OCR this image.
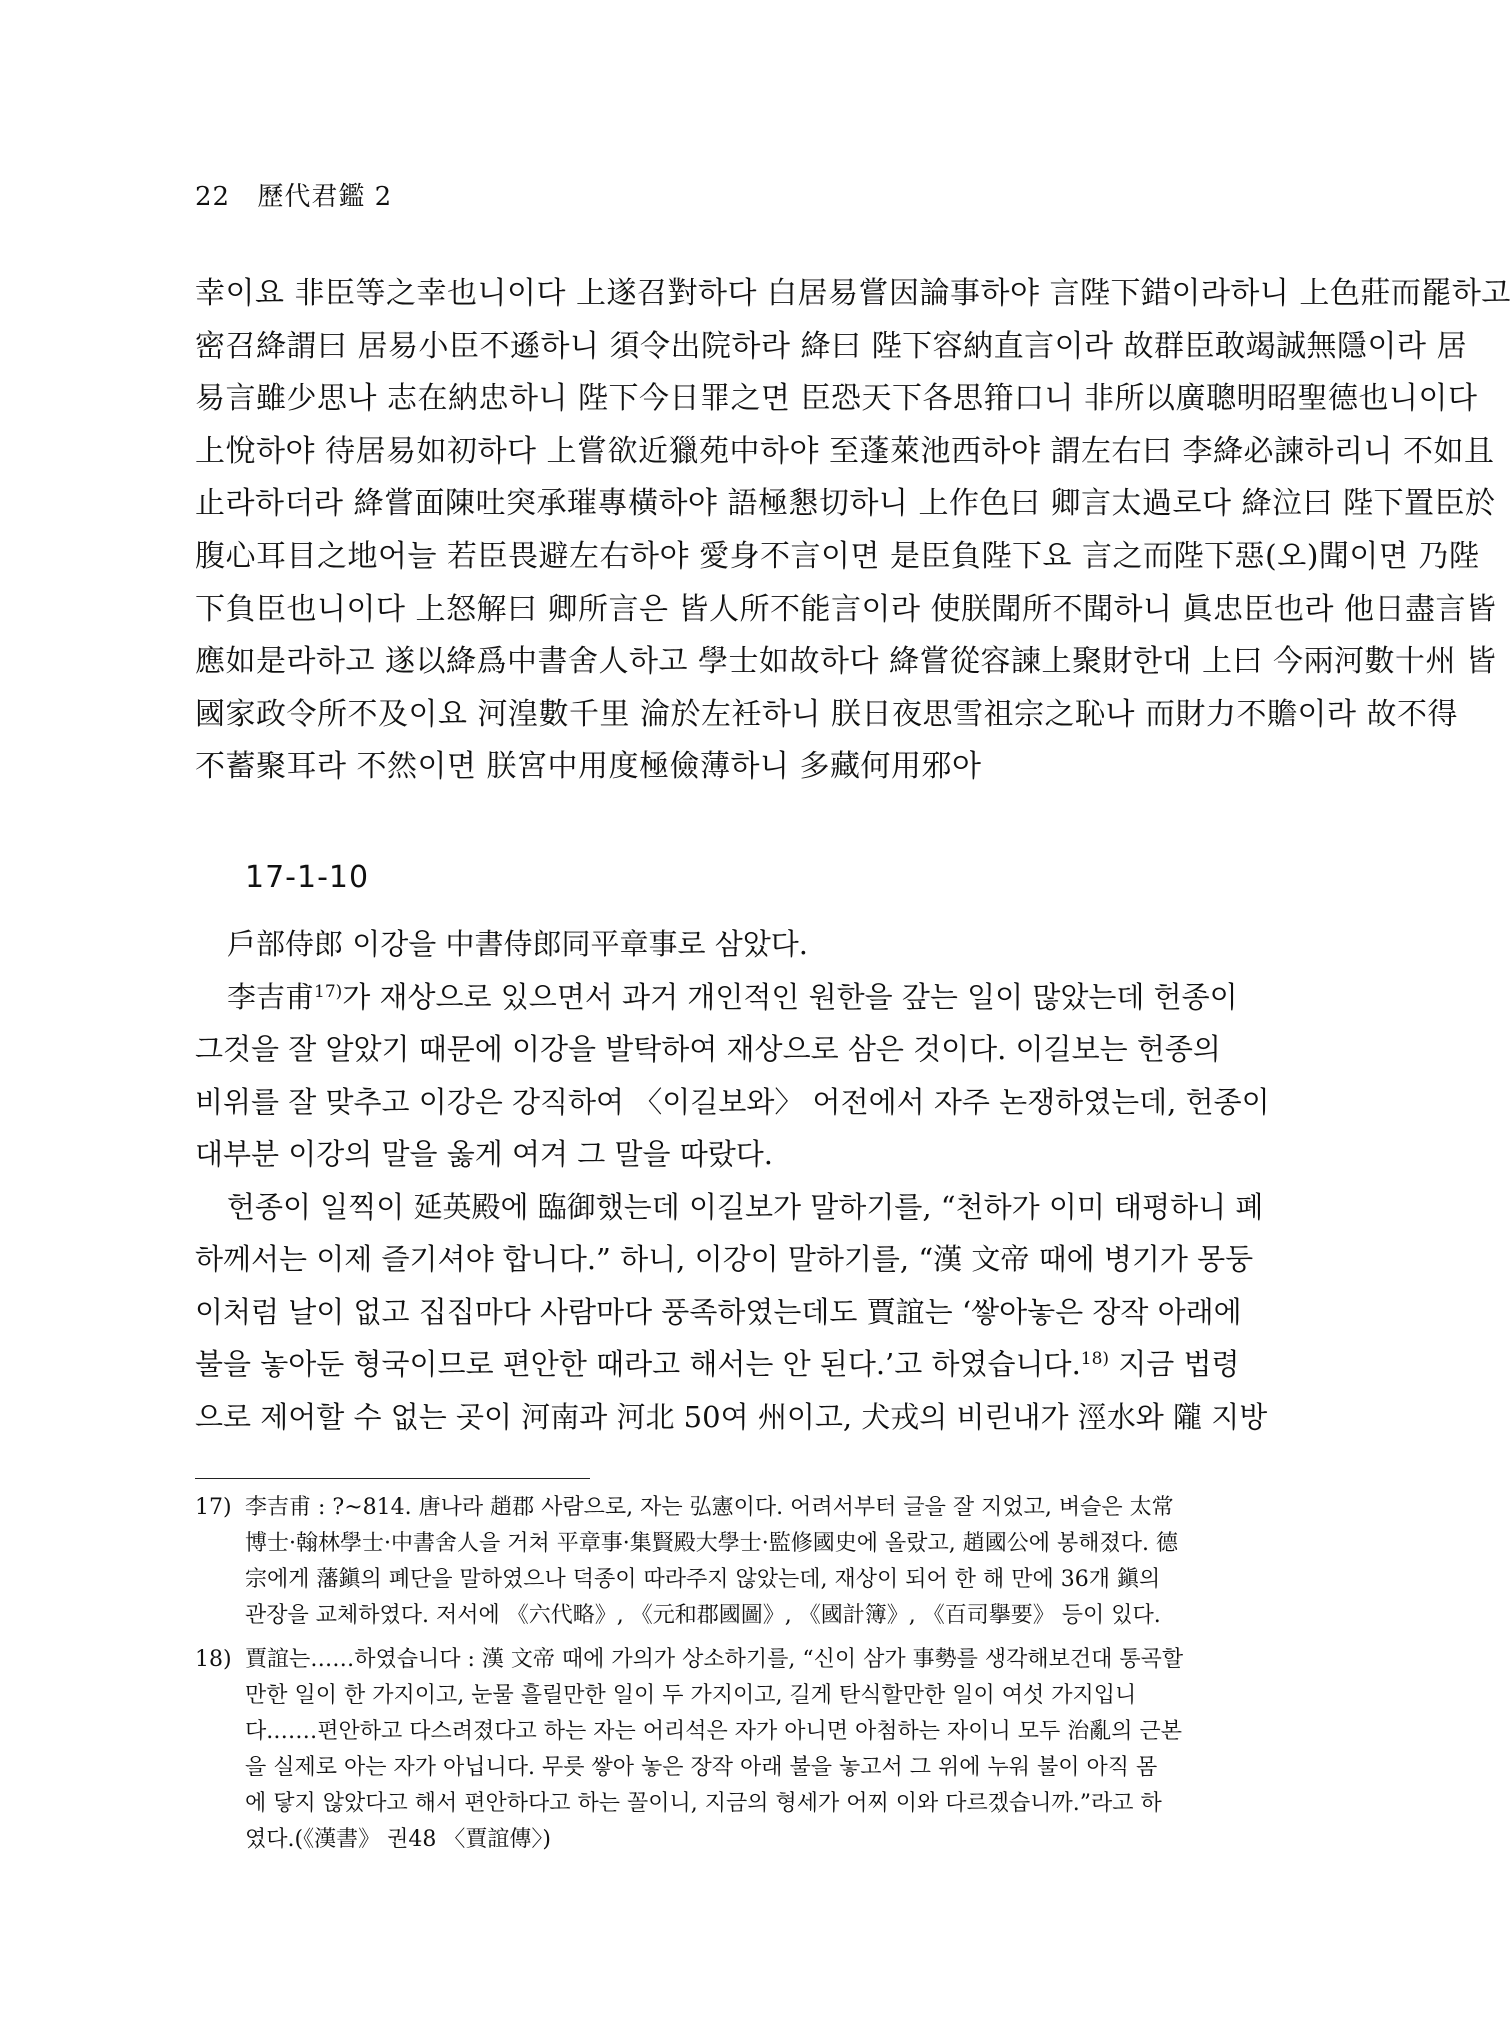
22 歷代君鑑 2

幸이요 非臣等之幸也니이다 上遂召對하다 白居易嘗因論事하야 言陛下錯이라하니 上色莊而罷하고

密召絳謂曰 居易小臣不遜하니 須令出院하라 絳曰 陛下容納直言이라 故群臣敢竭誠無隱이라 居

易言雖少思나 志在納忠하니 陛下今日罪之면 臣恐天下各思箝口니 非所以廣聰明昭聖德也니이다

上悅하야 待居易如初하다 上嘗欲近獵苑中하야 至蓬萊池西하야 謂左右曰 李絳必諫하리니 不如且

止라하더라 絳嘗面陳吐突承璀專橫하야 語極懇切하니 上作色曰 卿言太過로다 絳泣曰 陛下置臣於

腹心耳目之地어늘 若臣畏避左右하야 愛身不言이면 是臣負陛下요 言之而陛下惡(오)聞이면 乃陛

下負臣也니이다 上怒解曰 卿所言은 皆人所不能言이라 使朕聞所不聞하니 眞忠臣也라 他日盡言皆

應如是라하고 遂以絳爲中書舍人하고 學士如故하다 絳嘗從容諫上聚財한대 上曰 今兩河數十州 皆

國家政令所不及이요 河湟數千里 淪於左衽하니 朕日夜思雪祖宗之恥나 而財力不贍이라 故不得

不蓄聚耳라 不然이면 朕宮中用度極儉薄하니 多藏何用邪아

17-1-10

戶部侍郎 이강을 中書侍郎同平章事로 삼았다.

李吉甫$^{17)}$가 재상으로 있으면서 과거 개인적인 원한을 갚는 일이 많았는데 헌종이

그것을 잘 알았기 때문에 이강을 발탁하여 재상으로 삼은 것이다. 이길보는 헌종의

비위를 잘 맞추고 이강은 강직하여 〈이길보와〉 어전에서 자주 논쟁하였는데, 헌종이

대부분 이강의 말을 옳게 여겨 그 말을 따랐다.

헌종이 일찍이 延英殿에 臨御했는데 이길보가 말하기를, “천하가 이미 태평하니 폐

하께서는 이제 즐기셔야 합니다.” 하니, 이강이 말하기를, “漢 文帝 때에 병기가 몽둥

이처럼 날이 없고 집집마다 사람마다 풍족하였는데도 賈誼는 ‘쌓아놓은 장작 아래에

불을 놓아둔 형국이므로 편안한 때라고 해서는 안 된다.’고 하였습니다.$^{18)}$ 지금 법령

으로 제어할 수 없는 곳이 河南과 河北 50여 州이고, 犬戎의 비린내가 涇水와 隴 지방

17) 李吉甫 : ?~814. 唐나라 趙郡 사람으로, 자는 弘憲이다. 어려서부터 글을 잘 지었고, 벼슬은 太常
博士·翰林學士·中書舍人을 거쳐 平章事·集賢殿大學士·監修國史에 올랐고, 趙國公에 봉해졌다. 德
宗에게 藩鎭의 폐단을 말하였으나 덕종이 따라주지 않았는데, 재상이 되어 한 해 만에 36개 鎭의
관장을 교체하였다. 저서에 《六代略》, 《元和郡國圖》, 《國計簿》, 《百司擧要》 등이 있다.
18) 賈誼는……하였습니다 : 漢 文帝 때에 가의가 상소하기를, “신이 삼가 事勢를 생각해보건대 통곡할
만한 일이 한 가지이고, 눈물 흘릴만한 일이 두 가지이고, 길게 탄식할만한 일이 여섯 가지입니
다.……편안하고 다스려졌다고 하는 자는 어리석은 자가 아니면 아첨하는 자이니 모두 治亂의 근본
을 실제로 아는 자가 아닙니다. 무릇 쌓아 놓은 장작 아래 불을 놓고서 그 위에 누워 불이 아직 몸
에 닿지 않았다고 해서 편안하다고 하는 꼴이니, 지금의 형세가 어찌 이와 다르겠습니까.”라고 하
였다.(《漢書》 권48 〈賈誼傳〉)
